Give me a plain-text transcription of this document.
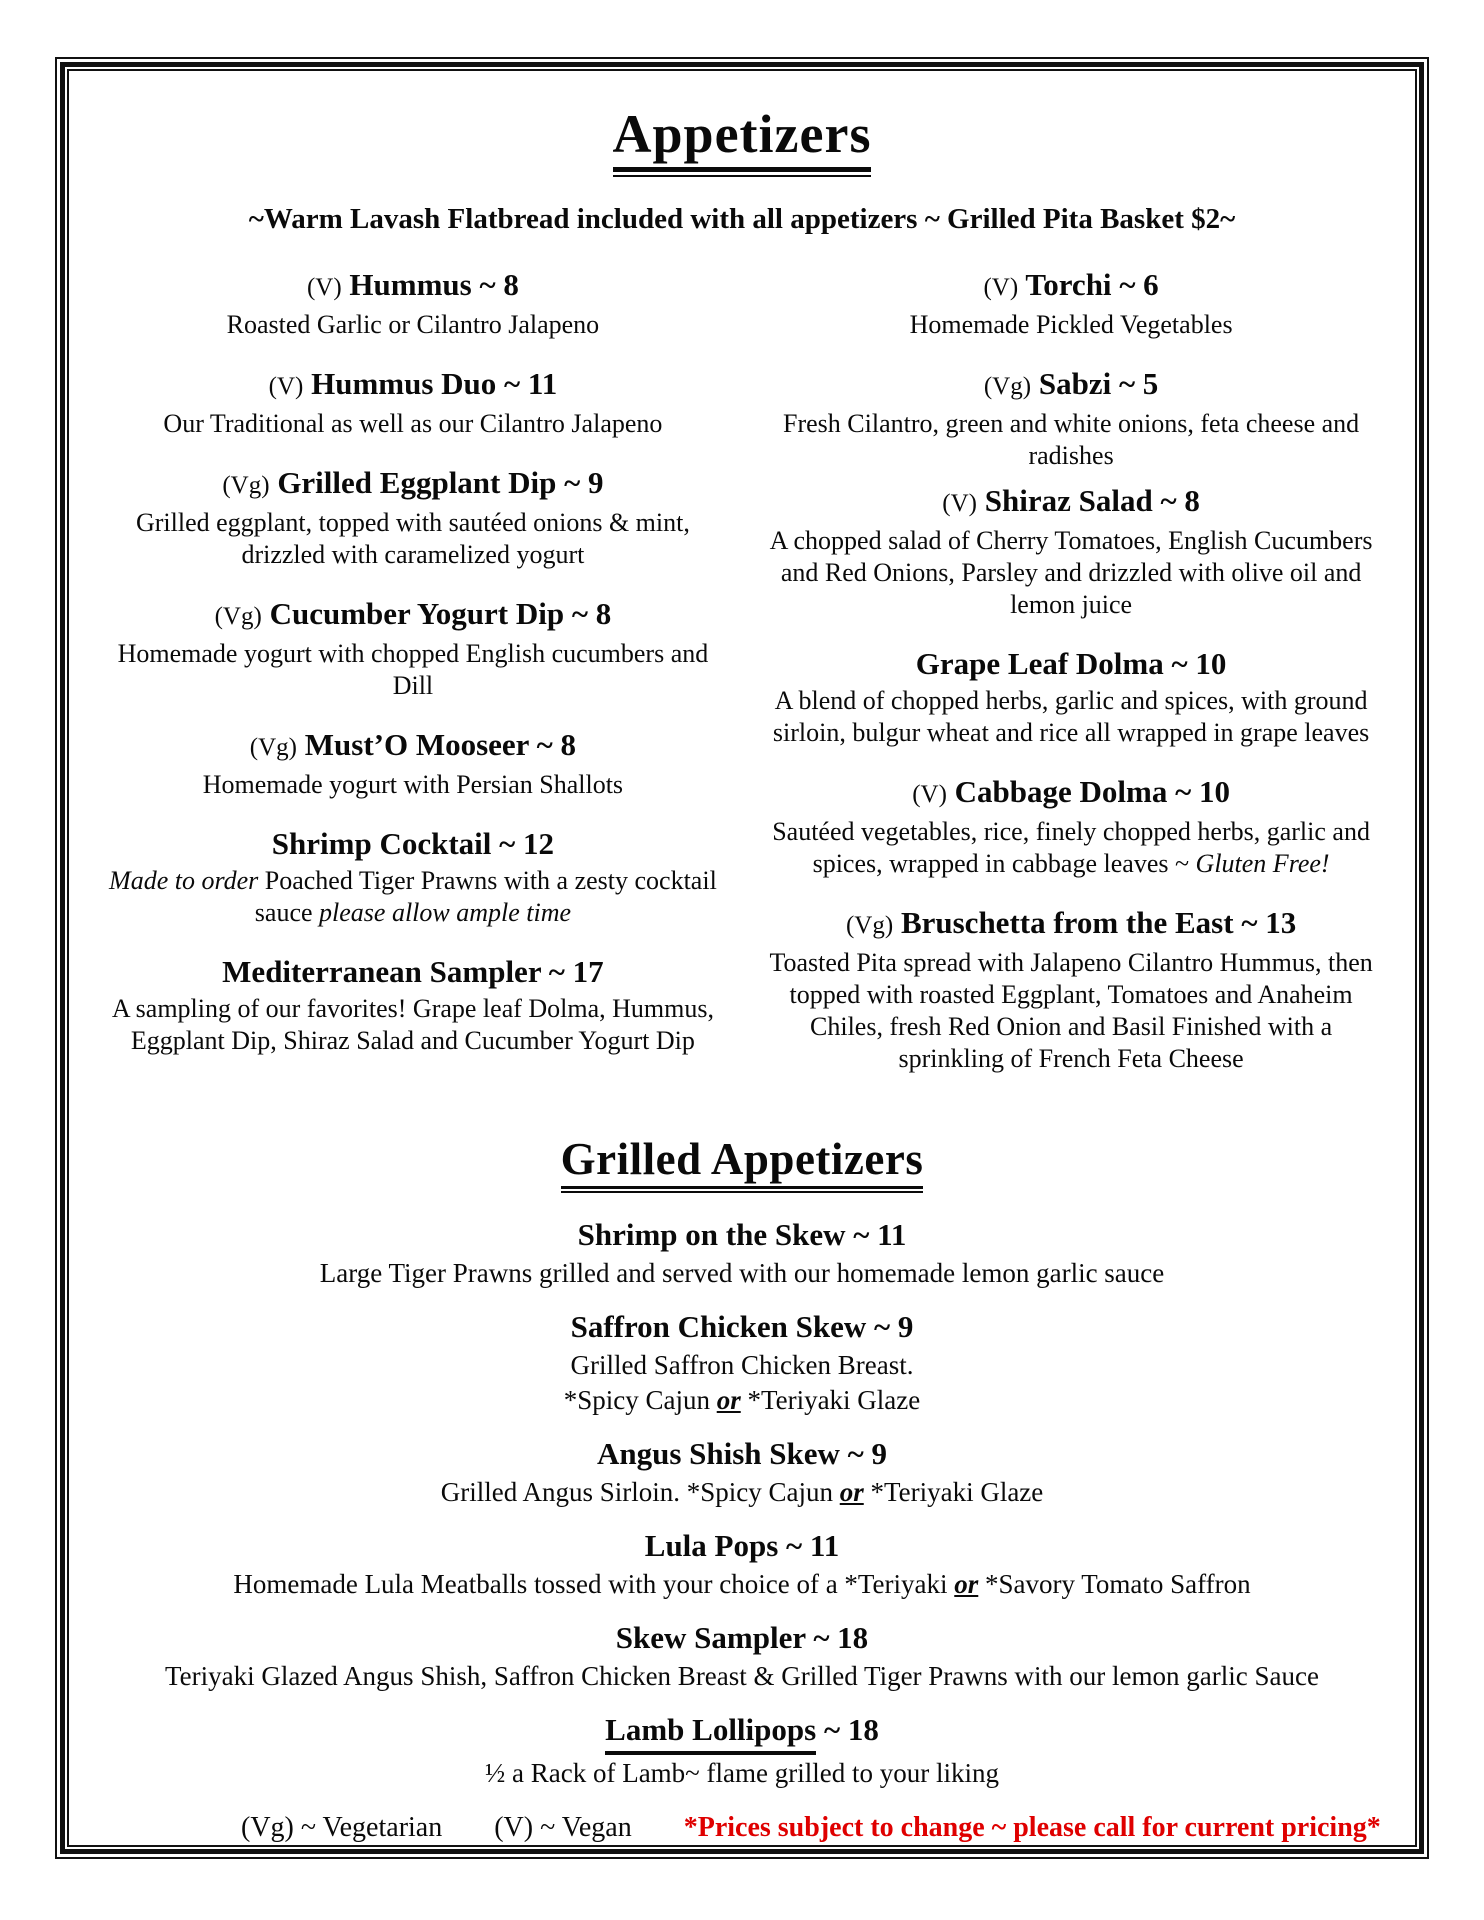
Appetizers
~Warm Lavash Flatbread included with all appetizers ~ Grilled Pita Basket $2~
(V) Hummus ~ 8
Roasted Garlic or Cilantro Jalapeno
(V) Hummus Duo ~ 11
Our Traditional as well as our Cilantro Jalapeno
(Vg) Grilled Eggplant Dip ~ 9
Grilled eggplant, topped with sautéed onions & mint, drizzled with caramelized yogurt
(Vg) Cucumber Yogurt Dip ~ 8
Homemade yogurt with chopped English cucumbers and Dill
(Vg) Must’O Mooseer ~ 8
Homemade yogurt with Persian Shallots
Shrimp Cocktail ~ 12
Made to order Poached Tiger Prawns with a zesty cocktail sauce please allow ample time
Mediterranean Sampler ~ 17
A sampling of our favorites! Grape leaf Dolma, Hummus, Eggplant Dip, Shiraz Salad and Cucumber Yogurt Dip
(V) Torchi ~ 6
Homemade Pickled Vegetables
(Vg) Sabzi ~ 5
Fresh Cilantro, green and white onions, feta cheese and radishes
(V) Shiraz Salad ~ 8
A chopped salad of Cherry Tomatoes, English Cucumbers and Red Onions, Parsley and drizzled with olive oil and lemon juice
Grape Leaf Dolma ~ 10
A blend of chopped herbs, garlic and spices, with ground sirloin, bulgur wheat and rice all wrapped in grape leaves
(V) Cabbage Dolma ~ 10
Sautéed vegetables, rice, finely chopped herbs, garlic and spices, wrapped in cabbage leaves ~ Gluten Free!
(Vg) Bruschetta from the East ~ 13
Toasted Pita spread with Jalapeno Cilantro Hummus, then topped with roasted Eggplant, Tomatoes and Anaheim Chiles, fresh Red Onion and Basil Finished with a sprinkling of French Feta Cheese
Grilled Appetizers
Shrimp on the Skew ~ 11
Large Tiger Prawns grilled and served with our homemade lemon garlic sauce
Saffron Chicken Skew ~ 9
Grilled Saffron Chicken Breast.
*Spicy Cajun or *Teriyaki Glaze
Angus Shish Skew ~ 9
Grilled Angus Sirloin. *Spicy Cajun or *Teriyaki Glaze
Lula Pops ~ 11
Homemade Lula Meatballs tossed with your choice of a *Teriyaki or *Savory Tomato Saffron
Skew Sampler ~ 18
Teriyaki Glazed Angus Shish, Saffron Chicken Breast & Grilled Tiger Prawns with our lemon garlic Sauce
Lamb Lollipops ~ 18
½ a Rack of Lamb~ flame grilled to your liking
(Vg) ~ Vegetarian (V) ~ Vegan *Prices subject to change ~ please call for current pricing*
